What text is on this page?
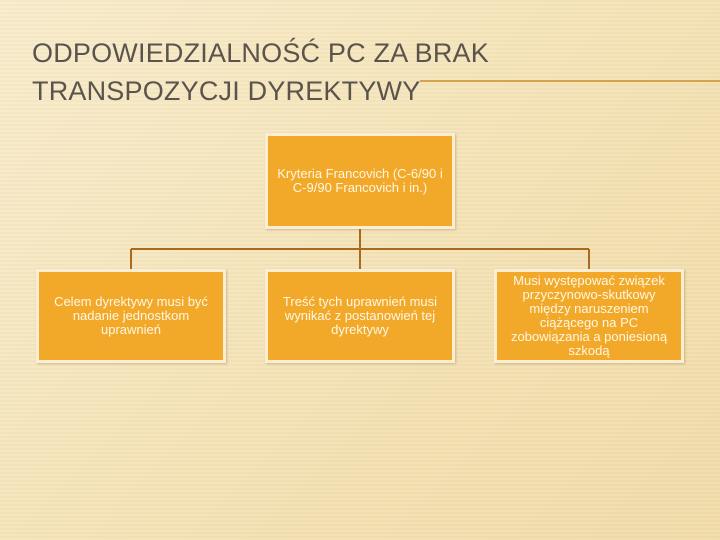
ODPOWIEDZIALNOŚĆ PC ZA BRAK
TRANSPOZYCJI DYREKTYWY
Kryteria Francovich (C-6/90 i C-9/90 Francovich i in.)
Celem dyrektywy musi być nadanie jednostkom uprawnień
Treść tych uprawnień musi wynikać z postanowień tej dyrektywy
Musi występować związek przyczynowo-skutkowy między naruszeniem ciążącego na PC zobowiązania a poniesioną szkodą
